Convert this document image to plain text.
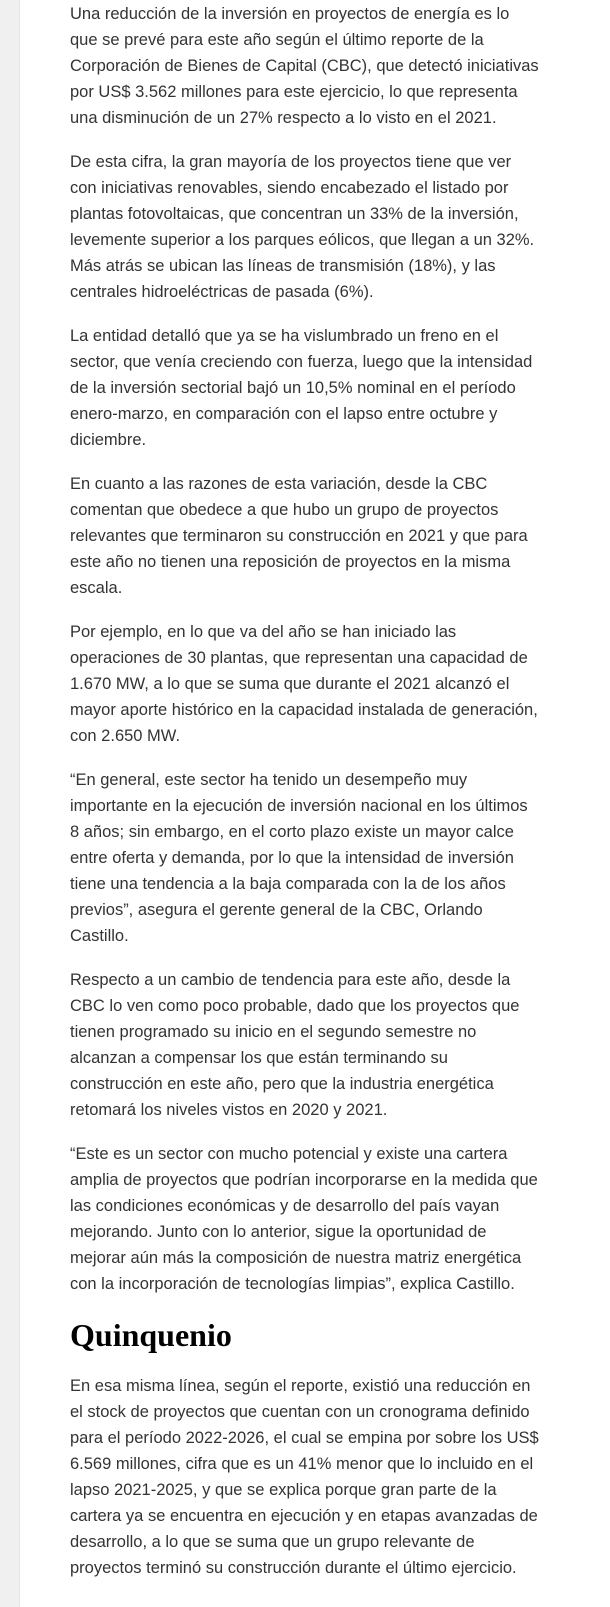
Una reducción de la inversión en proyectos de energía es lo que se prevé para este año según el último reporte de la Corporación de Bienes de Capital (CBC), que detectó iniciativas por US$ 3.562 millones para este ejercicio, lo que representa una disminución de un 27% respecto a lo visto en el 2021.

De esta cifra, la gran mayoría de los proyectos tiene que ver con iniciativas renovables, siendo encabezado el listado por plantas fotovoltaicas, que concentran un 33% de la inversión, levemente superior a los parques eólicos, que llegan a un 32%. Más atrás se ubican las líneas de transmisión (18%), y las centrales hidroeléctricas de pasada (6%).

La entidad detalló que ya se ha vislumbrado un freno en el sector, que venía creciendo con fuerza, luego que la intensidad de la inversión sectorial bajó un 10,5% nominal en el período enero-marzo, en comparación con el lapso entre octubre y diciembre.

En cuanto a las razones de esta variación, desde la CBC comentan que obedece a que hubo un grupo de proyectos relevantes que terminaron su construcción en 2021 y que para este año no tienen una reposición de proyectos en la misma escala.

Por ejemplo, en lo que va del año se han iniciado las operaciones de 30 plantas, que representan una capacidad de 1.670 MW, a lo que se suma que durante el 2021 alcanzó el mayor aporte histórico en la capacidad instalada de generación, con 2.650 MW.

“En general, este sector ha tenido un desempeño muy importante en la ejecución de inversión nacional en los últimos 8 años; sin embargo, en el corto plazo existe un mayor calce entre oferta y demanda, por lo que la intensidad de inversión tiene una tendencia a la baja comparada con la de los años previos”, asegura el gerente general de la CBC, Orlando Castillo.

Respecto a un cambio de tendencia para este año, desde la CBC lo ven como poco probable, dado que los proyectos que tienen programado su inicio en el segundo semestre no alcanzan a compensar los que están terminando su construcción en este año, pero que la industria energética retomará los niveles vistos en 2020 y 2021.

“Este es un sector con mucho potencial y existe una cartera amplia de proyectos que podrían incorporarse en la medida que las condiciones económicas y de desarrollo del país vayan mejorando. Junto con lo anterior, sigue la oportunidad de mejorar aún más la composición de nuestra matriz energética con la incorporación de tecnologías limpias”, explica Castillo.

Quinquenio

En esa misma línea, según el reporte, existió una reducción en el stock de proyectos que cuentan con un cronograma definido para el período 2022-2026, el cual se empina por sobre los US$ 6.569 millones, cifra que es un 41% menor que lo incluido en el lapso 2021-2025, y que se explica porque gran parte de la cartera ya se encuentra en ejecución y en etapas avanzadas de desarrollo, a lo que se suma que un grupo relevante de proyectos terminó su construcción durante el último ejercicio.
